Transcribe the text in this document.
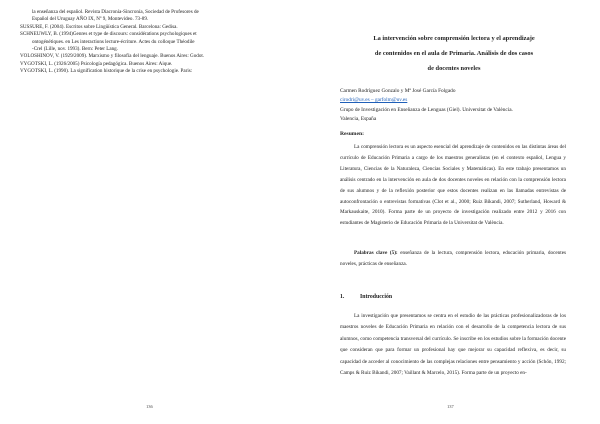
la enseñanza del español. Revista Diacronía-Sincronía, Sociedad de Profesores de
Español del Uruguay AÑO IX, Nº 9, Montevideo. 73-89.
SUSSURE, F. (2004). Escritos sobre Lingüística General. Barcelona: Gedisa.
SCHNEUWLY, B. (1994)Genres et type de discours: considérations psychologiques et
ontogénétiques. en Les interactions lecture-écriture. Actes du colloque Théodile
-Crel (Lille, nov. 1993). Bern: Peter Lang.
VOLOSHINOV, V. (1929/2009). Marxismo y filosofía del lenguaje. Buenos Aires: Godot.
VYGOTSKI, L. (1926/2005) Psicología pedagógica. Buenos Aires: Aique.
VYGOTSKI, L. (1990). La signification historique de la crise en psychologie. Paris:
136
La intervención sobre comprensión lectora y el aprendizaje
de contenidos en el aula de Primaria. Análisis de dos casos
de docentes noveles
Carmen Rodríguez Gonzalo y Mª José García Folgado
cirodri@uv.es – garfolm@uv.es
Grupo de Investigación en Enseñanza de Lenguas (Giel). Universitat de València.
Valencia, España
Resumen:

La comprensión lectora es un aspecto esencial del aprendizaje de contenidos en las distintas áreas del currículo de Educación Primaria a cargo de los maestros generalistas (en el contexto español, Lengua y Literatura, Ciencias de la Naturaleza, Ciencias Sociales y Matemáticas). En este trabajo presentamos un análisis centrado en la intervención en aula de dos docentes noveles en relación con la comprensión lectora de sus alumnos y de la reflexión posterior que estos docentes realizan en las llamadas entrevistas de autoconfrontación o entrevistas formativas (Clot et al., 2000; Ruiz Bikandi, 2007; Sutherland, Howard & Markauskaite, 2010). Forma parte de un proyecto de investigación realizado entre 2012 y 2016 con estudiantes de Magisterio de Educación Primaria de la Universitat de València.

Palabras clave (5): enseñanza de la lectura, comprensión lectora, educación primaria, docentes noveles, prácticas de enseñanza.
1.	Introducción

La investigación que presentamos se centra en el estudio de las prácticas profesionalizadoras de los maestros noveles de Educación Primaria en relación con el desarrollo de la competencia lectora de sus alumnos, como competencia transversal del currículo. Se inscribe en los estudios sobre la formación docente que consideran que para formar un profesional hay que mejorar su capacidad reflexiva, es decir, su capacidad de acceder al conocimiento de las complejas relaciones entre pensamiento y acción (Schön, 1992; Camps & Ruiz Bikandi, 2007; Vaillant & Marcelo, 2015). Forma parte de un proyecto en-

137
